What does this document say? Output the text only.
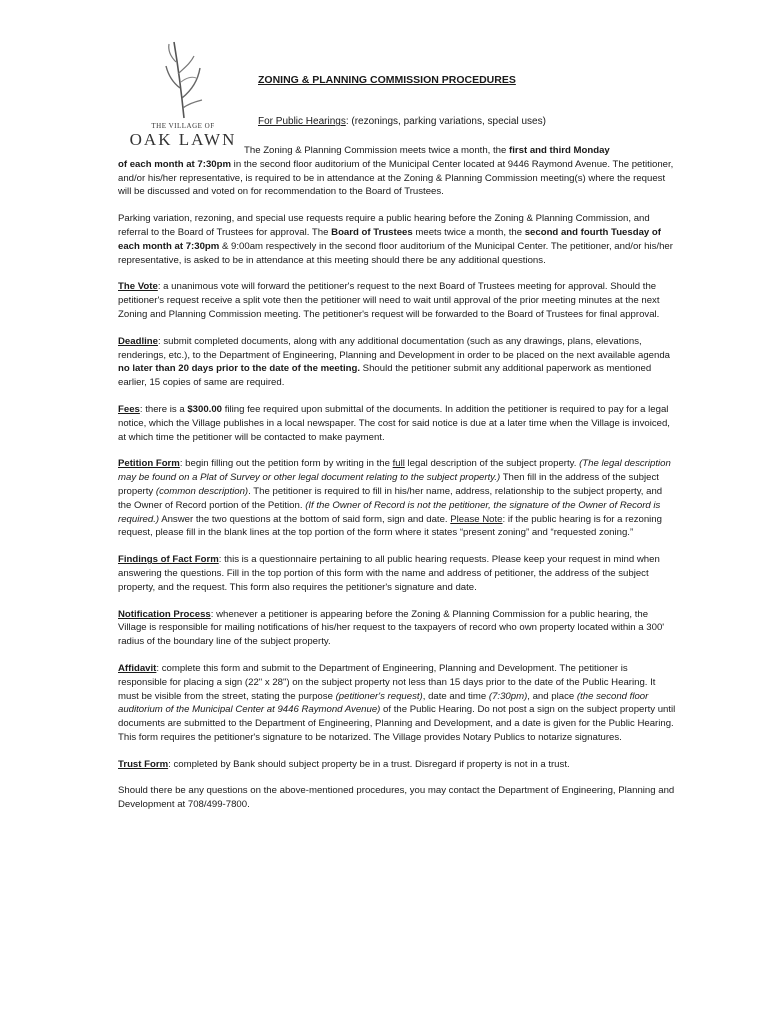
THE VILLAGE OF
OAK LAWN
ZONING & PLANNING COMMISSION PROCEDURES
For Public Hearings: (rezonings, parking variations, special uses)

The Zoning & Planning Commission meets twice a month, the first and third Monday
of each month at 7:30pm in the second floor auditorium of the Municipal Center located at 9446 Raymond Avenue. The petitioner, and/or his/her representative, is required to be in attendance at the Zoning & Planning Commission meeting(s) where the request will be discussed and voted on for recommendation to the Board of Trustees.

Parking variation, rezoning, and special use requests require a public hearing before the Zoning & Planning Commission, and referral to the Board of Trustees for approval. The Board of Trustees meets twice a month, the second and fourth Tuesday of each month at 7:30pm & 9:00am respectively in the second floor auditorium of the Municipal Center. The petitioner, and/or his/her representative, is asked to be in attendance at this meeting should there be any additional questions.

The Vote: a unanimous vote will forward the petitioner's request to the next Board of Trustees meeting for approval. Should the petitioner's request receive a split vote then the petitioner will need to wait until approval of the prior meeting minutes at the next Zoning and Planning Commission meeting. The petitioner's request will be forwarded to the Board of Trustees for final approval.

Deadline: submit completed documents, along with any additional documentation (such as any drawings, plans, elevations, renderings, etc.), to the Department of Engineering, Planning and Development in order to be placed on the next available agenda no later than 20 days prior to the date of the meeting. Should the petitioner submit any additional paperwork as mentioned earlier, 15 copies of same are required.

Fees: there is a $300.00 filing fee required upon submittal of the documents. In addition the petitioner is required to pay for a legal notice, which the Village publishes in a local newspaper. The cost for said notice is due at a later time when the Village is invoiced, at which time the petitioner will be contacted to make payment.

Petition Form: begin filling out the petition form by writing in the full legal description of the subject property. (The legal description may be found on a Plat of Survey or other legal document relating to the subject property.) Then fill in the address of the subject property (common description). The petitioner is required to fill in his/her name, address, relationship to the subject property, and the Owner of Record portion of the Petition. (If the Owner of Record is not the petitioner, the signature of the Owner of Record is required.) Answer the two questions at the bottom of said form, sign and date. Please Note: if the public hearing is for a rezoning request, please fill in the blank lines at the top portion of the form where it states “present zoning” and “requested zoning.”

Findings of Fact Form: this is a questionnaire pertaining to all public hearing requests. Please keep your request in mind when answering the questions. Fill in the top portion of this form with the name and address of petitioner, the address of the subject property, and the request. This form also requires the petitioner's signature and date.

Notification Process: whenever a petitioner is appearing before the Zoning & Planning Commission for a public hearing, the Village is responsible for mailing notifications of his/her request to the taxpayers of record who own property located within a 300' radius of the boundary line of the subject property.

Affidavit: complete this form and submit to the Department of Engineering, Planning and Development. The petitioner is responsible for placing a sign (22" x 28") on the subject property not less than 15 days prior to the date of the Public Hearing. It must be visible from the street, stating the purpose (petitioner's request), date and time (7:30pm), and place (the second floor auditorium of the Municipal Center at 9446 Raymond Avenue) of the Public Hearing. Do not post a sign on the subject property until documents are submitted to the Department of Engineering, Planning and Development, and a date is given for the Public Hearing. This form requires the petitioner's signature to be notarized. The Village provides Notary Publics to notarize signatures.

Trust Form: completed by Bank should subject property be in a trust. Disregard if property is not in a trust.

Should there be any questions on the above-mentioned procedures, you may contact the Department of Engineering, Planning and Development at 708/499-7800.
